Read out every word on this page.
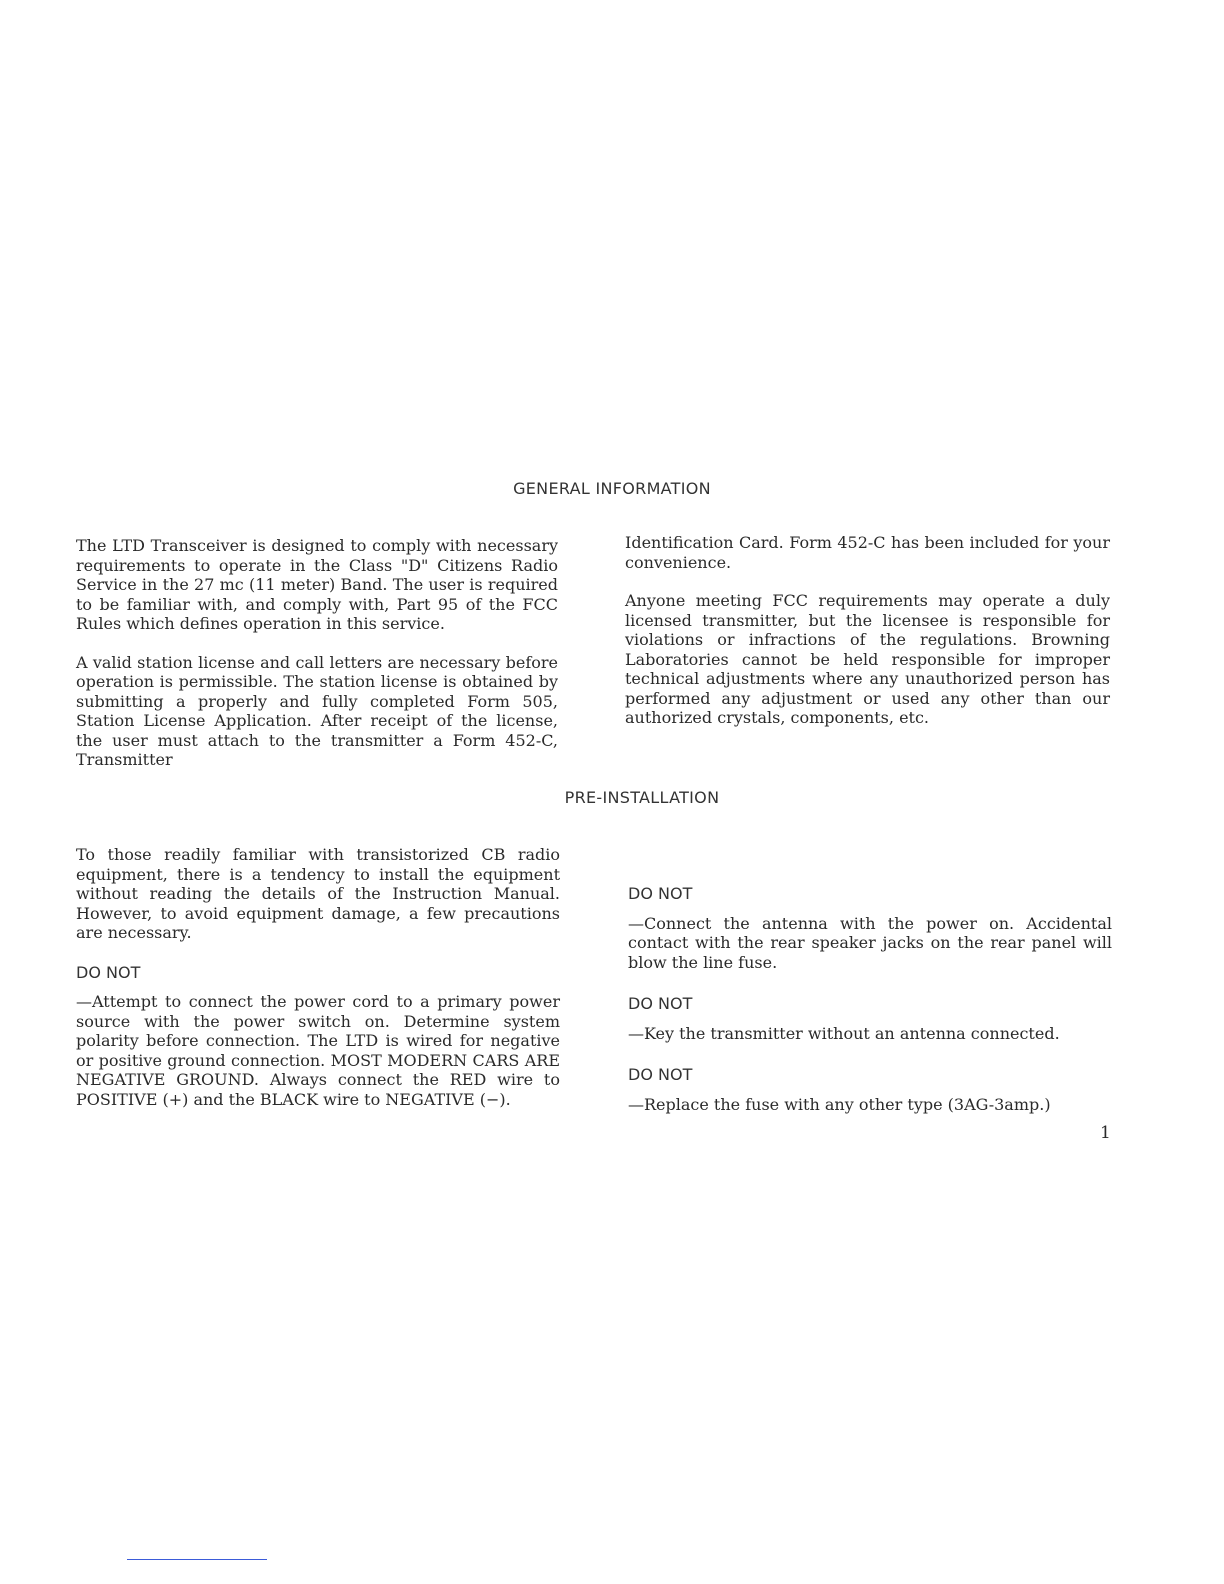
GENERAL INFORMATION

The LTD Transceiver is designed to comply with necessary requirements to operate in the Class "D" Citizens Radio Service in the 27 mc (11 meter) Band. The user is required to be familiar with, and comply with, Part 95 of the FCC Rules which defines operation in this service.

A valid station license and call letters are necessary before operation is permissible. The station license is obtained by submitting a properly and fully completed Form 505, Station License Application. After receipt of the license, the user must attach to the transmitter a Form 452-C, Transmitter

Identification Card. Form 452-C has been included for your convenience.

Anyone meeting FCC requirements may operate a duly licensed transmitter, but the licensee is responsible for violations or infractions of the regulations. Browning Laboratories cannot be held responsible for improper technical adjustments where any unauthorized person has performed any adjustment or used any other than our authorized crystals, components, etc.

PRE-INSTALLATION

To those readily familiar with transistorized CB radio equipment, there is a tendency to install the equipment without reading the details of the Instruction Manual. However, to avoid equipment damage, a few precautions are necessary.

DO NOT

—Attempt to connect the power cord to a primary power source with the power switch on. Determine system polarity before connection. The LTD is wired for negative or positive ground connection. MOST MODERN CARS ARE NEGATIVE GROUND. Always connect the RED wire to POSITIVE (+) and the BLACK wire to NEGATIVE (−).

DO NOT

—Connect the antenna with the power on. Accidental contact with the rear speaker jacks on the rear panel will blow the line fuse.

DO NOT

—Key the transmitter without an antenna connected.

DO NOT

—Replace the fuse with any other type (3AG-3amp.)

1
